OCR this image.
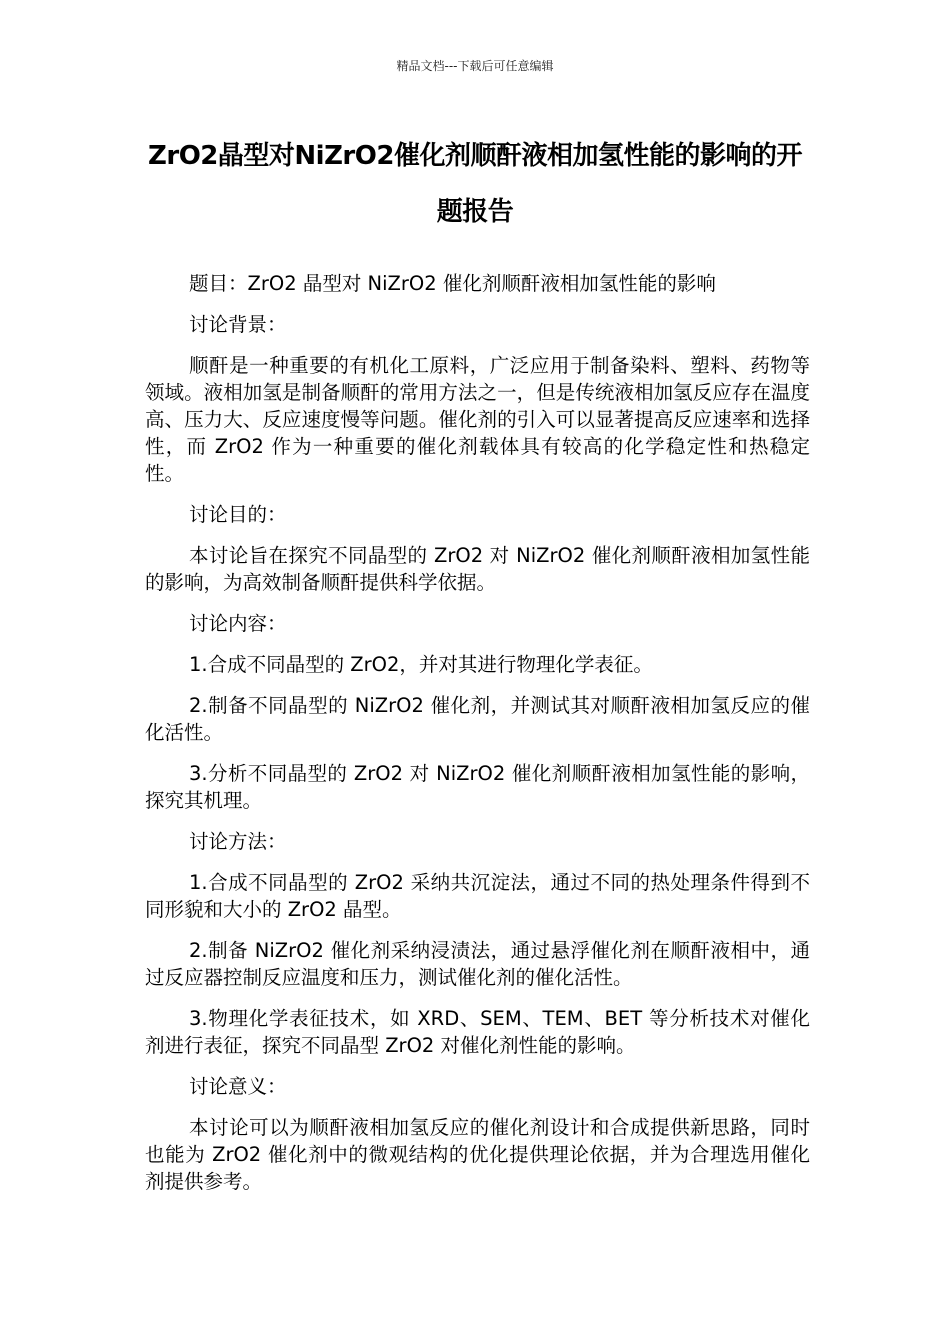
精品文档---下载后可任意编辑
ZrO2晶型对NiZrO2催化剂顺酐液相加氢性能的影响的开题报告

题目：ZrO2 晶型对 NiZrO2 催化剂顺酐液相加氢性能的影响

讨论背景：

顺酐是一种重要的有机化工原料，广泛应用于制备染料、塑料、药物等领域。液相加氢是制备顺酐的常用方法之一，但是传统液相加氢反应存在温度高、压力大、反应速度慢等问题。催化剂的引入可以显著提高反应速率和选择性，而 ZrO2 作为一种重要的催化剂载体具有较高的化学稳定性和热稳定性。

讨论目的：

本讨论旨在探究不同晶型的 ZrO2 对 NiZrO2 催化剂顺酐液相加氢性能的影响，为高效制备顺酐提供科学依据。

讨论内容：

1.合成不同晶型的 ZrO2，并对其进行物理化学表征。

2.制备不同晶型的 NiZrO2 催化剂，并测试其对顺酐液相加氢反应的催化活性。

3.分析不同晶型的 ZrO2 对 NiZrO2 催化剂顺酐液相加氢性能的影响，探究其机理。

讨论方法：

1.合成不同晶型的 ZrO2 采纳共沉淀法，通过不同的热处理条件得到不同形貌和大小的 ZrO2 晶型。

2.制备 NiZrO2 催化剂采纳浸渍法，通过悬浮催化剂在顺酐液相中，通过反应器控制反应温度和压力，测试催化剂的催化活性。

3.物理化学表征技术，如 XRD、SEM、TEM、BET 等分析技术对催化剂进行表征，探究不同晶型 ZrO2 对催化剂性能的影响。

讨论意义：

本讨论可以为顺酐液相加氢反应的催化剂设计和合成提供新思路，同时也能为 ZrO2 催化剂中的微观结构的优化提供理论依据，并为合理选用催化剂提供参考。
